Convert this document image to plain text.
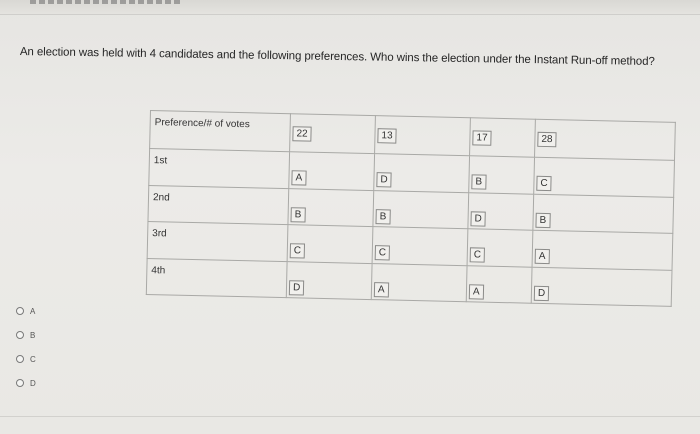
An election was held with 4 candidates and the following preferences. Who wins the election under the Instant Run-off method?
Preference/# of votes	22	13	17	28
1st	A	D	B	C
2nd	B	B	D	B
3rd	C	C	C	A
4th	D	A	A	D
A
B
C
D
